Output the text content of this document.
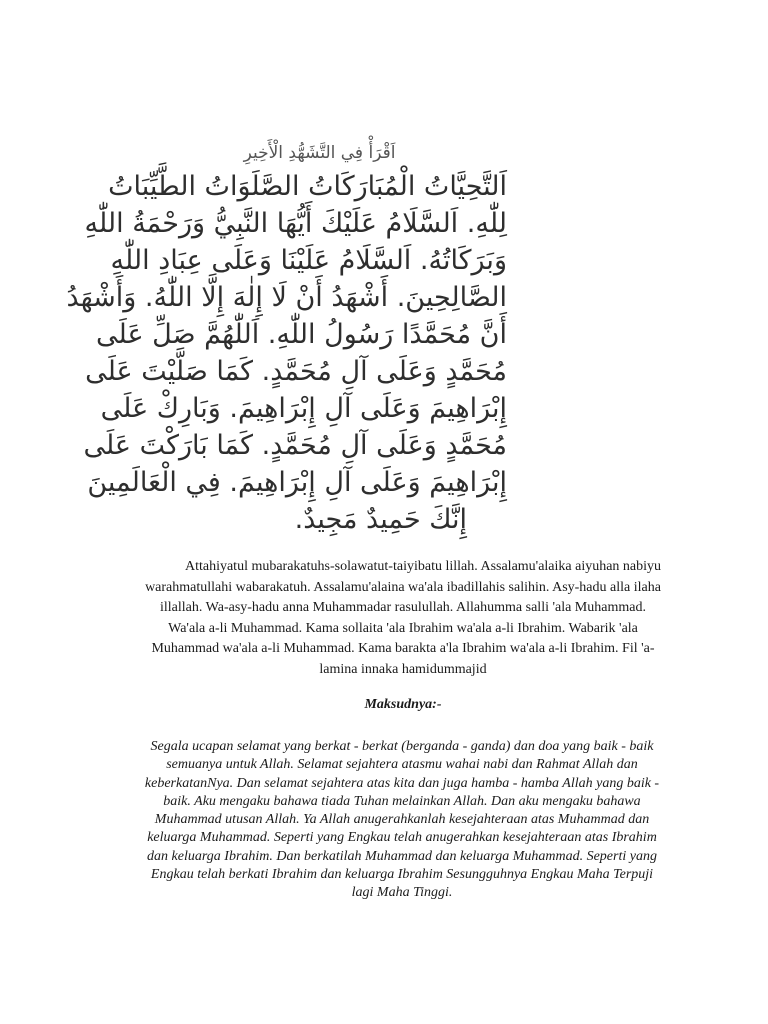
اَقْرَأْ فِي التَّشَهُّدِ الْأَخِيرِ
اَلتَّحِيَّاتُ الْمُبَارَكَاتُ الصَّلَوَاتُ الطَّيِّبَاتُ
لِلّٰهِ. اَلسَّلَامُ عَلَيْكَ أَيُّهَا النَّبِيُّ وَرَحْمَةُ اللّٰهِ
وَبَرَكَاتُهُ. اَلسَّلَامُ عَلَيْنَا وَعَلَى عِبَادِ اللّٰهِ
الصَّالِحِينَ. أَشْهَدُ أَنْ لَا إِلٰهَ إِلَّا اللّٰهُ. وَأَشْهَدُ
أَنَّ مُحَمَّدًا رَسُولُ اللّٰهِ. اَللّٰهُمَّ صَلِّ عَلَى
مُحَمَّدٍ وَعَلَى آلِ مُحَمَّدٍ. كَمَا صَلَّيْتَ عَلَى
إِبْرَاهِيمَ وَعَلَى آلِ إِبْرَاهِيمَ. وَبَارِكْ عَلَى
مُحَمَّدٍ وَعَلَى آلِ مُحَمَّدٍ. كَمَا بَارَكْتَ عَلَى
إِبْرَاهِيمَ وَعَلَى آلِ إِبْرَاهِيمَ. فِي الْعَالَمِينَ
إِنَّكَ حَمِيدٌ مَجِيدٌ.
Attahiyatul mubarakatuhs-solawatut-taiyibatu lillah. Assalamu'alaika aiyuhan nabiyu warahmatullahi wabarakatuh. Assalamu'alaina wa'ala ibadillahis salihin. Asy-hadu alla ilaha illallah. Wa-asy-hadu anna Muhammadar rasulullah. Allahumma salli 'ala Muhammad. Wa'ala a-li Muhammad. Kama sollaita 'ala Ibrahim wa'ala a-li Ibrahim. Wabarik 'ala Muhammad wa'ala a-li Muhammad. Kama barakta a'la Ibrahim wa'ala a-li Ibrahim. Fil 'a-lamina innaka hamidummajid
Maksudnya:-
Segala ucapan selamat yang berkat - berkat (berganda - ganda) dan doa yang baik - baik semuanya untuk Allah. Selamat sejahtera atasmu wahai nabi dan Rahmat Allah dan keberkatanNya. Dan selamat sejahtera atas kita dan juga hamba - hamba Allah yang baik - baik. Aku mengaku bahawa tiada Tuhan melainkan Allah. Dan aku mengaku bahawa Muhammad utusan Allah. Ya Allah anugerahkanlah kesejahteraan atas Muhammad dan keluarga Muhammad. Seperti yang Engkau telah anugerahkan kesejahteraan atas Ibrahim dan keluarga Ibrahim. Dan berkatilah Muhammad dan keluarga Muhammad. Seperti yang Engkau telah berkati Ibrahim dan keluarga Ibrahim Sesungguhnya Engkau Maha Terpuji lagi Maha Tinggi.
